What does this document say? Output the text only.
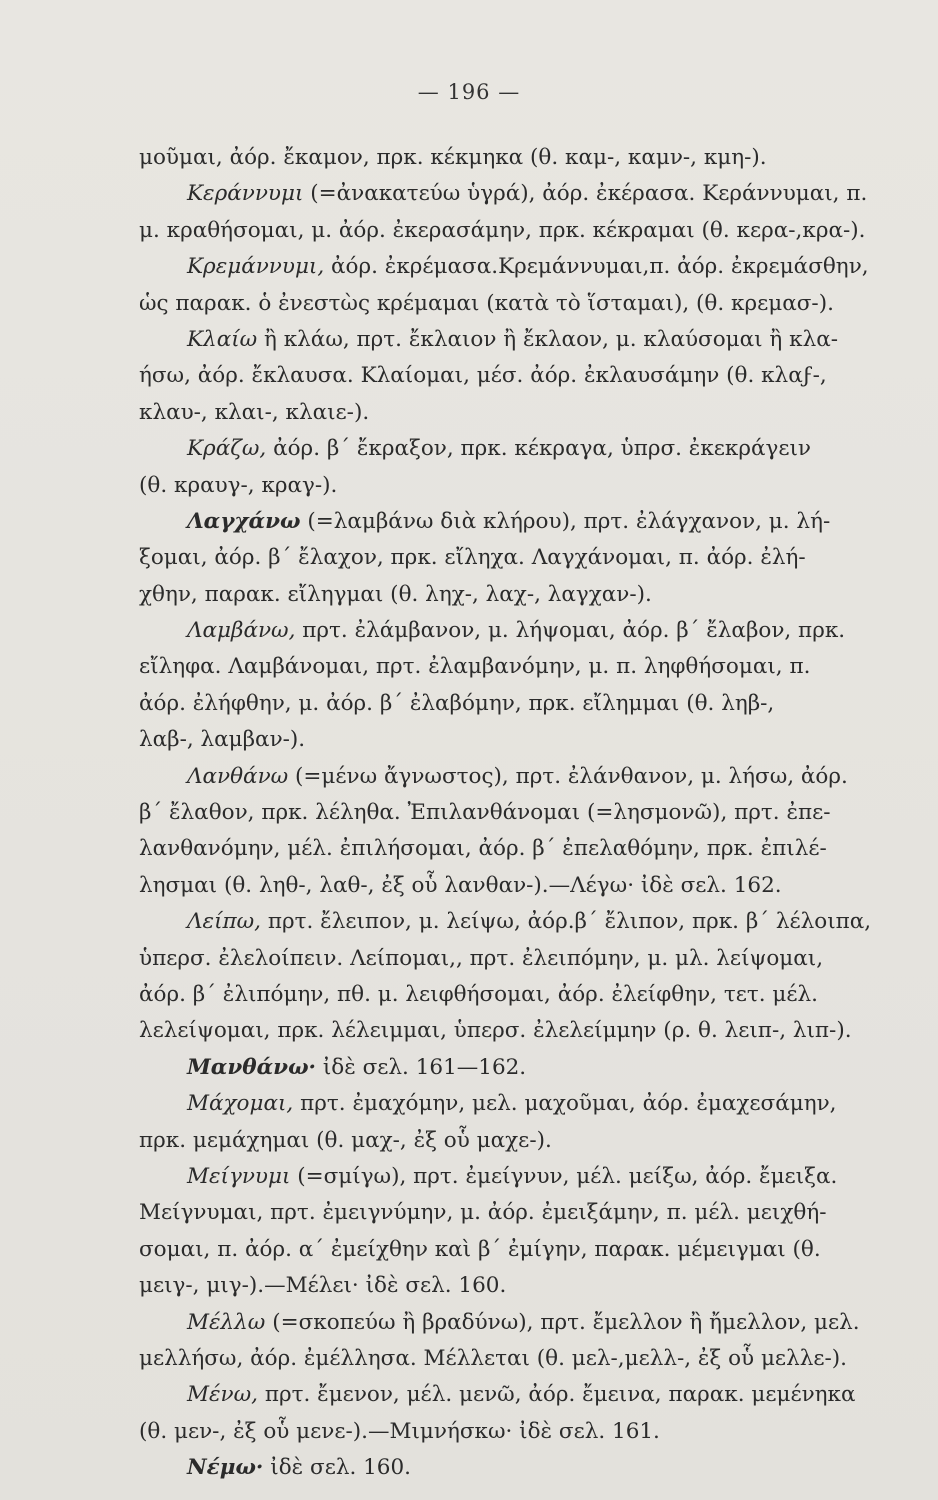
— 196 —
μοῦμαι, ἀόρ. ἔκαμον, πρκ. κέκμηκα (θ. καμ-, καμν-, κμη-).
Κεράννυμι (=ἀνακατεύω ὑγρά), ἀόρ. ἐκέρασα. Κεράννυμαι, π.
μ. κραθήσομαι, μ. ἀόρ. ἐκερασάμην, πρκ. κέκραμαι (θ. κερα-,κρα-).
Κρεμάννυμι, ἀόρ. ἐκρέμασα.Κρεμάννυμαι,π. ἀόρ. ἐκρεμάσθην,
ὡς παρακ. ὁ ἐνεστὼς κρέμαμαι (κατὰ τὸ ἵσταμαι), (θ. κρεμασ-).
Κλαίω ἢ κλάω, πρτ. ἔκλαιον ἢ ἔκλαον, μ. κλαύσομαι ἢ κλα-
ήσω, ἀόρ. ἔκλαυσα. Κλαίομαι, μέσ. ἀόρ. ἐκλαυσάμην (θ. κλαϝ-,
κλαυ-, κλαι-, κλαιε-).
Κράζω, ἀόρ. β΄ ἔκραξον, πρκ. κέκραγα, ὑπρσ. ἐκεκράγειν
(θ. κραυγ-, κραγ-).
Λαγχάνω (=λαμβάνω διὰ κλήρου), πρτ. ἐλάγχανον, μ. λή-
ξομαι, ἀόρ. β΄ ἔλαχον, πρκ. εἴληχα. Λαγχάνομαι, π. ἀόρ. ἐλή-
χθην, παρακ. εἴληγμαι (θ. ληχ-, λαχ-, λαγχαν-).
Λαμβάνω, πρτ. ἐλάμβανον, μ. λήψομαι, ἀόρ. β΄ ἔλαβον, πρκ.
εἴληφα. Λαμβάνομαι, πρτ. ἐλαμβανόμην, μ. π. ληφθήσομαι, π.
ἀόρ. ἐλήφθην, μ. ἀόρ. β΄ ἐλαβόμην, πρκ. εἴλημμαι (θ. ληβ-,
λαβ-, λαμβαν-).
Λανθάνω (=μένω ἄγνωστος), πρτ. ἐλάνθανον, μ. λήσω, ἀόρ.
β΄ ἔλαθον, πρκ. λέληθα. Ἐπιλανθάνομαι (=λησμονῶ), πρτ. ἐπε-
λανθανόμην, μέλ. ἐπιλήσομαι, ἀόρ. β΄ ἐπελαθόμην, πρκ. ἐπιλέ-
λησμαι (θ. ληθ-, λαθ-, ἐξ οὗ λανθαν-).—Λέγω· ἰδὲ σελ. 162.
Λείπω, πρτ. ἔλειπον, μ. λείψω, ἀόρ.β΄ ἔλιπον, πρκ. β΄ λέλοιπα,
ὑπερσ. ἐλελοίπειν. Λείπομαι,, πρτ. ἐλειπόμην, μ. μλ. λείψομαι,
ἀόρ. β΄ ἐλιπόμην, πθ. μ. λειφθήσομαι, ἀόρ. ἐλείφθην, τετ. μέλ.
λελείψομαι, πρκ. λέλειμμαι, ὑπερσ. ἐλελείμμην (ρ. θ. λειπ-, λιπ-).
Μανθάνω· ἰδὲ σελ. 161—162.
Μάχομαι, πρτ. ἐμαχόμην, μελ. μαχοῦμαι, ἀόρ. ἐμαχεσάμην,
πρκ. μεμάχημαι (θ. μαχ-, ἐξ οὗ μαχε-).
Μείγνυμι (=σμίγω), πρτ. ἐμείγνυν, μέλ. μείξω, ἀόρ. ἔμειξα.
Μείγνυμαι, πρτ. ἐμειγνύμην, μ. ἀόρ. ἐμειξάμην, π. μέλ. μειχθή-
σομαι, π. ἀόρ. α΄ ἐμείχθην καὶ β΄ ἐμίγην, παρακ. μέμειγμαι (θ.
μειγ-, μιγ-).—Μέλει· ἰδὲ σελ. 160.
Μέλλω (=σκοπεύω ἢ βραδύνω), πρτ. ἔμελλον ἢ ἤμελλον, μελ.
μελλήσω, ἀόρ. ἐμέλλησα. Μέλλεται (θ. μελ-,μελλ-, ἐξ οὗ μελλε-).
Μένω, πρτ. ἔμενον, μέλ. μενῶ, ἀόρ. ἔμεινα, παρακ. μεμένηκα
(θ. μεν-, ἐξ οὗ μενε-).—Μιμνήσκω· ἰδὲ σελ. 161.
Νέμω· ἰδὲ σελ. 160.
